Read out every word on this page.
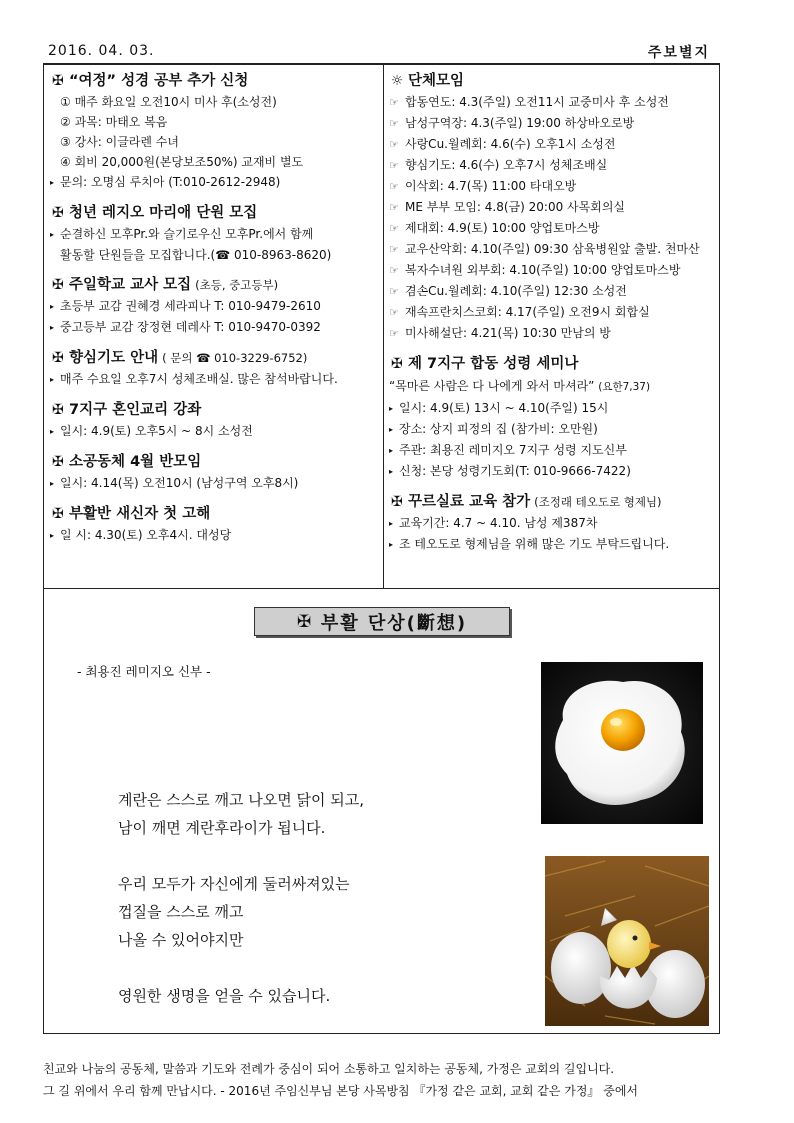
2016. 04. 03.	주보별지
✠ “여정” 성경 공부 추가 신청
① 매주 화요일 오전10시 미사 후(소성전)
② 과목: 마태오 복음
③ 강사: 이글라렌 수녀
④ 회비 20,000원(본당보조50%) 교재비 별도
▸ 문의: 오명심 루치아 (T:010-2612-2948)
✠ 청년 레지오 마리애 단원 모집
▸ 순결하신 모후Pr.와 슬기로우신 모후Pr.에서 함께
활동할 단원들을 모집합니다.(☎ 010-8963-8620)
✠ 주일학교 교사 모집 (초등, 중고등부)
▸ 초등부 교감 권혜경 세라피나 T: 010-9479-2610
▸ 중고등부 교감 장정현 데레사 T: 010-9470-0392
✠ 향심기도 안내 ( 문의 ☎ 010-3229-6752)
▸ 매주 수요일 오후7시 성체조배실. 많은 참석바랍니다.
✠ 7지구 혼인교리 강좌
▸ 일시: 4.9(토) 오후5시 ~ 8시 소성전
✠ 소공동체 4월 반모임
▸ 일시: 4.14(목) 오전10시 (남성구역 오후8시)
✠ 부활반 새신자 첫 고해
▸ 일 시: 4.30(토) 오후4시. 대성당
☼ 단체모임
☞ 합동연도: 4.3(주일) 오전11시 교중미사 후 소성전
☞ 남성구역장: 4.3(주일) 19:00 하상바오로방
☞ 사랑Cu.월례회: 4.6(수) 오후1시 소성전
☞ 향심기도: 4.6(수) 오후7시 성체조배실
☞ 이삭회: 4.7(목) 11:00 타대오방
☞ ME 부부 모임: 4.8(금) 20:00 사목회의실
☞ 제대회: 4.9(토) 10:00 양업토마스방
☞ 교우산악회: 4.10(주일) 09:30 삼육병원앞 출발. 천마산
☞ 복자수녀원 외부회: 4.10(주일) 10:00 양업토마스방
☞ 겸손Cu.월례회: 4.10(주일) 12:30 소성전
☞ 재속프란치스코회: 4.17(주일) 오전9시 회합실
☞ 미사해설단: 4.21(목) 10:30 만남의 방
✠ 제 7지구 합동 성령 세미나
“목마른 사람은 다 나에게 와서 마셔라” (요한7,37)
▸ 일시: 4.9(토) 13시 ~ 4.10(주일) 15시
▸ 장소: 상지 피정의 집 (참가비: 오만원)
▸ 주관: 최용진 레미지오 7지구 성령 지도신부
▸ 신청: 본당 성령기도회(T: 010-9666-7422)
✠ 꾸르실료 교육 참가 (조정래 테오도로 형제님)
▸ 교육기간: 4.7 ~ 4.10. 남성 제387차
▸ 조 테오도로 형제님을 위해 많은 기도 부탁드립니다.
✠ 부활 단상(斷想)
- 최용진 레미지오 신부 -
계란은 스스로 깨고 나오면 닭이 되고,
남이 깨면 계란후라이가 됩니다.
우리 모두가 자신에게 둘러싸져있는
껍질을 스스로 깨고
나올 수 있어야지만
영원한 생명을 얻을 수 있습니다.
친교와 나눔의 공동체, 말씀과 기도와 전례가 중심이 되어 소통하고 일치하는 공동체, 가정은 교회의 길입니다.
그 길 위에서 우리 함께 만납시다. - 2016년 주임신부님 본당 사목방침 『가정 같은 교회, 교회 같은 가정』 중에서
